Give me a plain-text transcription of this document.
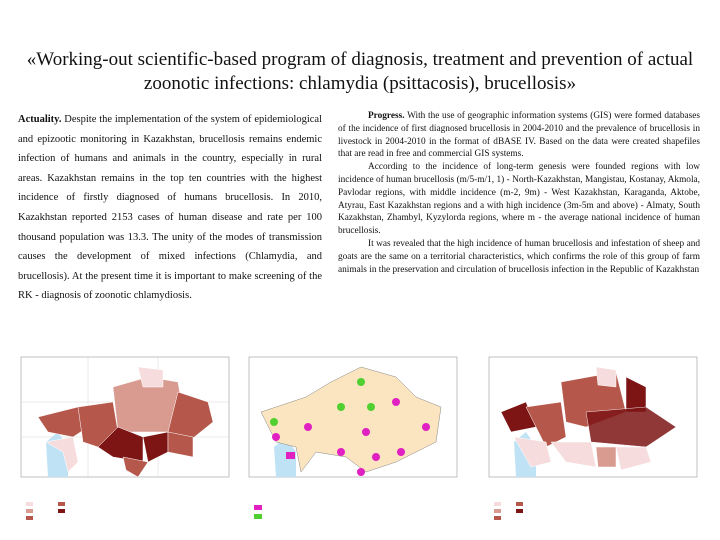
«Working-out scientific-based program of diagnosis, treatment and prevention of actual zoonotic infections: chlamydia (psittacosis), brucellosis»
Actuality. Despite the implementation of the system of epidemiological and epizootic monitoring in Kazakhstan, brucellosis remains endemic infection of humans and animals in the country, especially in rural areas. Kazakhstan remains in the top ten countries with the highest incidence of firstly diagnosed of humans brucellosis. In 2010, Kazakhstan reported 2153 cases of human disease and rate per 100 thousand population was 13.3. The unity of the modes of transmission causes the development of mixed infections (Chlamydia, and brucellosis). At the present time it is important to make screening of the RK - diagnosis of zoonotic chlamydiosis.

Progress. With the use of geographic information systems (GIS) were formed databases of the incidence of first diagnosed brucellosis in 2004-2010 and the prevalence of brucellosis in livestock in 2004-2010 in the format of dBASE IV. Based on the data were created shapefiles that are read in free and commercial GIS systems.

According to the incidence of long-term genesis were founded regions with low incidence of human brucellosis (m/5-m/1, 1) - North-Kazakhstan, Mangistau, Kostanay, Akmola, Pavlodar regions, with middle incidence (m-2, 9m) - West Kazakhstan, Karaganda, Aktobe, Atyrau, East Kazakhstan regions and a with high incidence (3m-5m and above) - Almaty, South Kazakhstan, Zhambyl, Kyzylorda regions, where m - the average national incidence of human brucellosis.

It was revealed that the high incidence of human brucellosis and infestation of sheep and goats are the same on a territorial characteristics, which confirms the role of this group of farm animals in the preservation and circulation of brucellosis infection in the Republic of Kazakhstan
